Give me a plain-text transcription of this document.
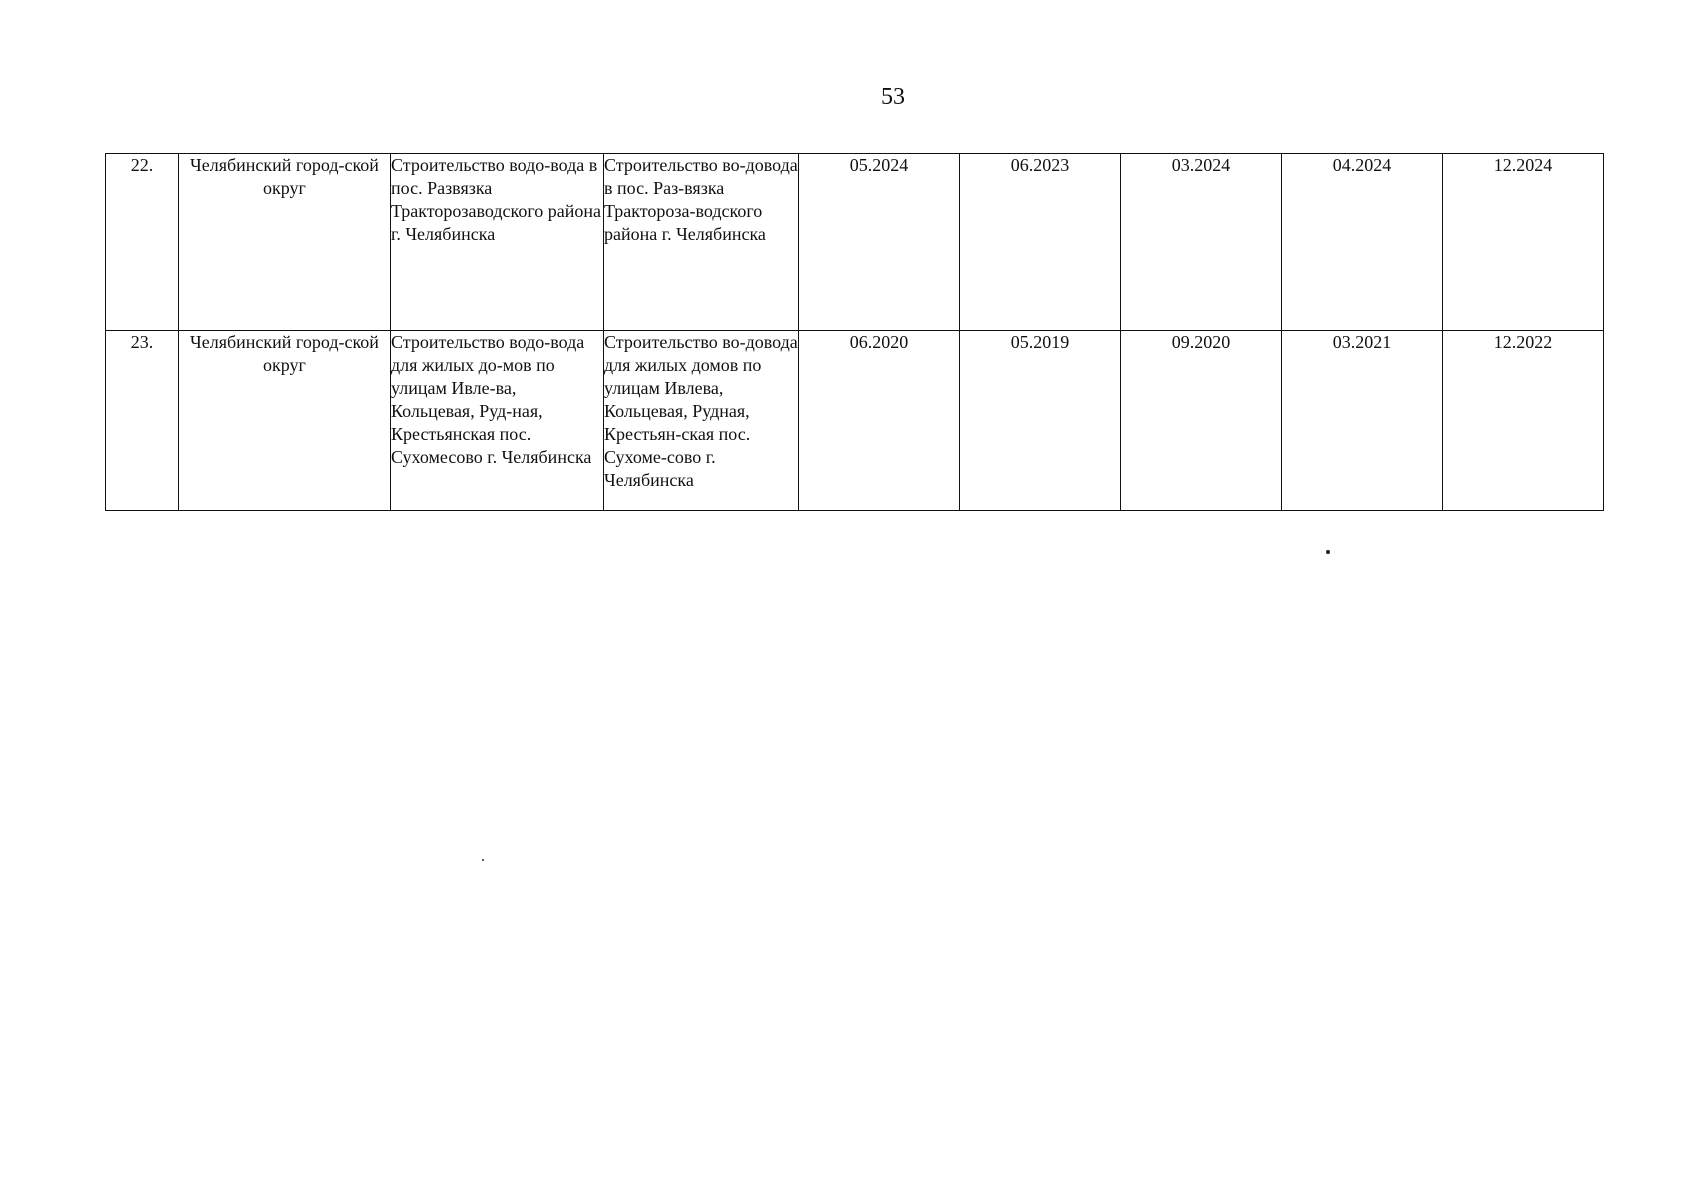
53
22.	Челябинский город-ской округ	Строительство водо-вода в пос. Развязка Тракторозаводского района г. Челябинска	Строительство во-довода в пос. Раз-вязка Трактороза-водского района г. Челябинска	05.2024	06.2023	03.2024	04.2024	12.2024
23.	Челябинский город-ской округ	Строительство водо-вода для жилых до-мов по улицам Ивле-ва, Кольцевая, Руд-ная, Крестьянская пос. Сухомесово г. Челябинска	Строительство во-довода для жилых домов по улицам Ивлева, Кольцевая, Рудная, Крестьян-ская пос. Сухоме-сово г. Челябинска	06.2020	05.2019	09.2020	03.2021	12.2022
